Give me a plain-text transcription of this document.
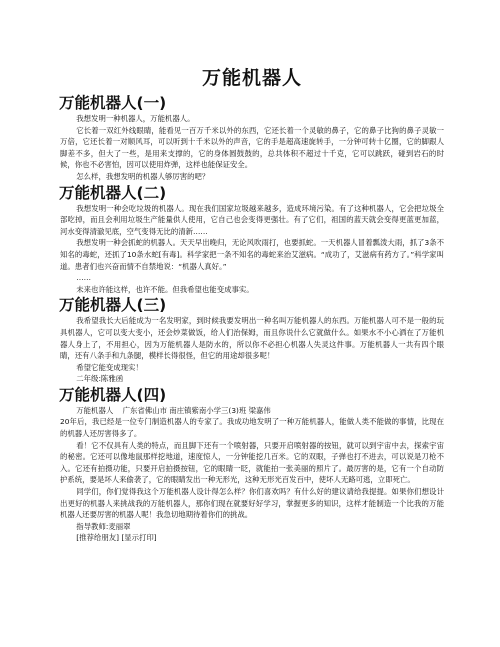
万能机器人
万能机器人(一)

我想发明一种机器人，万能机器人。

它长着一双红外线眼睛，能看见一百万千米以外的东西，它还长着一个灵敏的鼻子，它的鼻子比狗的鼻子灵敏一万倍，它还长着一对顺风耳，可以听到十千米以外的声音，它的手是超高速旋转手，一分钟可转十亿圈，它的脚跟人脚差不多，但大了一些，是用来支撑的，它的身体圆鼓鼓的，总共体积不超过十千克，它可以跳跃，碰到岩石的时候，你也不必害怕，因可以使用炸弹，这样也能保证安全。

怎么样，我想发明的机器人够厉害的吧？

万能机器人(二)

我想发明一种会吃垃圾的机器人。现在我们国家垃圾越来越多，造成环境污染。有了这种机器人，它会把垃圾全部吃掉，而且会利用垃圾生产能量供人使用，它自己也会变得更强壮。有了它们，祖国的蓝天就会变得更蓝更加蓝，河水变得清澈见底，空气变得无比的清新……

我想发明一种会抓蛇的机器人。天天早出晚归，无论风吹雨打，也要抓蛇。一天机器人冒着瓢泼大雨，抓了3条不知名的毒蛇，还抓了10条水蛇[有毒]。科学家把一条不知名的毒蛇来治艾滋病。“成功了，艾滋病有药方了。”科学家叫道。患者们也兴奋而情不自禁地说：“机器人真好。”

……

未来也许能这样，也许不能。但我希望也能变成事实。

万能机器人(三)

我希望我长大后能成为一名发明家，到时候我要发明出一种名叫万能机器人的东西。万能机器人可不是一般的玩具机器人，它可以变大变小，还会炒菜做饭，给人们治保姆，而且你说什么它就做什么。如果水不小心洒在了万能机器人身上了，不用担心，因为万能机器人是防水的，所以你不必担心机器人失灵这件事。万能机器人一共有四个眼睛，还有八条手和九条腿，模样长得很怪，但它的用途却很多呢！

希望它能变成现实！

二年级:陈雅函

万能机器人(四)

万能机器人    广东省佛山市 南庄镇紫南小学三(3)班 梁嘉伟

20年后，我已经是一位专门制造机器人的专家了。我成功地发明了一种万能机器人，能做人类不能做的事情，比现在的机器人还厉害得多了。

看！它不仅具有人类的特点，而且脚下还有一个喷射器，只要开启喷射器的按钮，就可以到宇宙中去，探索宇宙的秘密。它还可以像地鼠那样挖地道，速度惊人，一分钟能挖几百米。它的双眼，子弹也打不进去，可以说是刀枪不入。它还有拍摄功能，只要开启拍摄按钮，它的眼睛一眨，就能拍一张美丽的照片了。最厉害的是，它有一个自动防护系统，要是坏人来偷袭了，它的眼睛发出一种无形光，这种无形光百发百中，使坏人无路可逃，立即死亡。

同学们，你们觉得我这个万能机器人设计得怎么样？你们喜欢吗？有什么好的建议请给我提提。如果你们想设计出更好的机器人来挑战我的万能机器人，那你们现在就要好好学习，掌握更多的知识，这样才能制造一个比我的万能机器人还要厉害的机器人呢！我急切地期待着你们的挑战。

指导教师:麦丽翠

[推荐给朋友] [显示打印]
